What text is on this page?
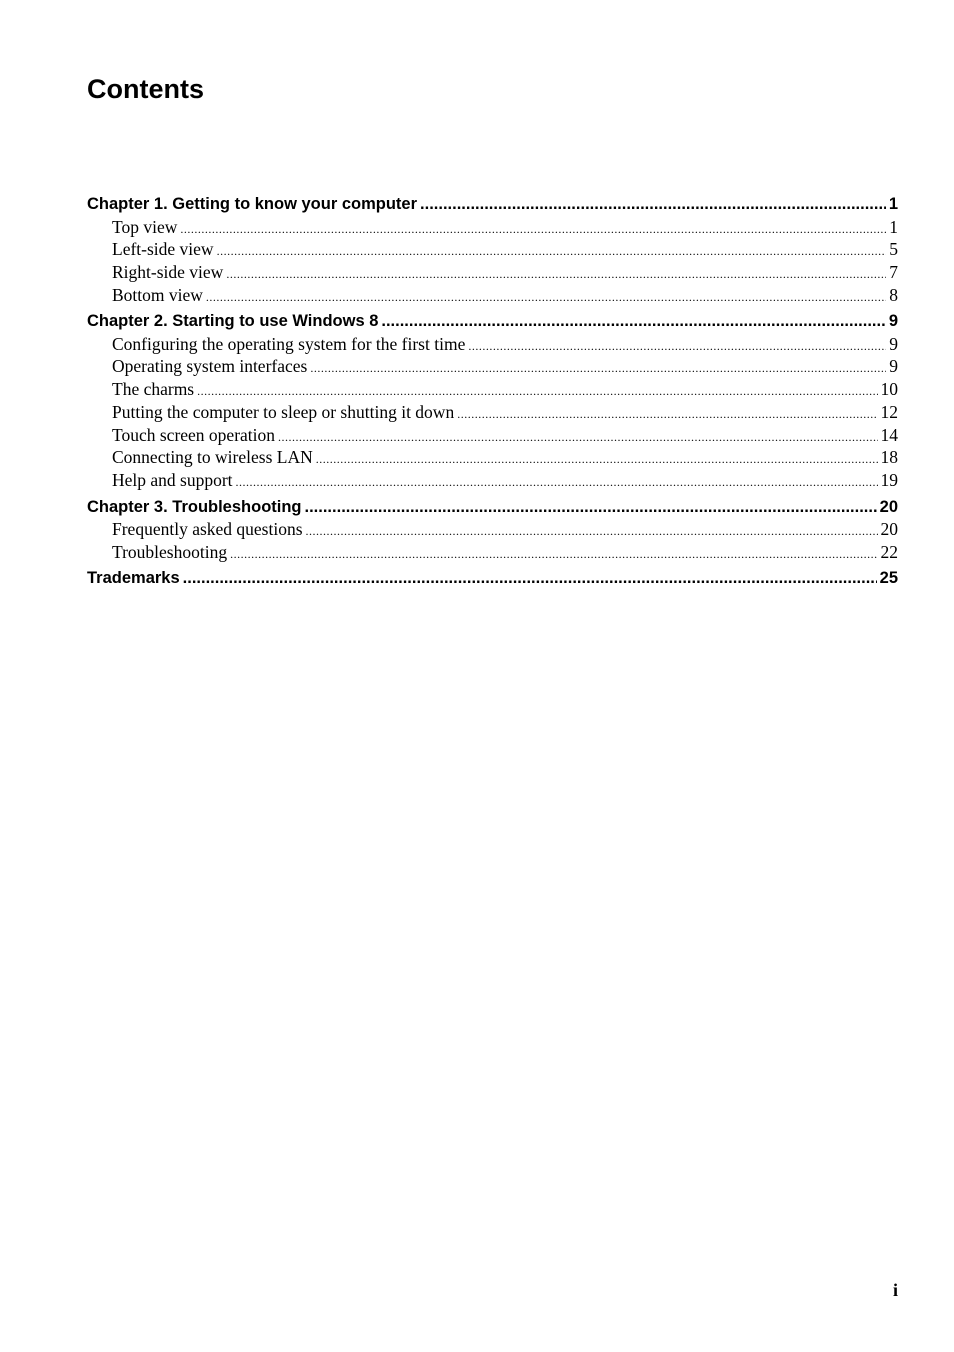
Contents
Chapter 1. Getting to know your computer .....	1
Top view .....	1
Left-side view .....	5
Right-side view .....	7
Bottom view .....	8
Chapter 2. Starting to use Windows 8 .....	9
Configuring the operating system for the first time .....	9
Operating system interfaces .....	9
The charms .....	10
Putting the computer to sleep or shutting it down .....	12
Touch screen operation .....	14
Connecting to wireless LAN .....	18
Help and support .....	19
Chapter 3. Troubleshooting .....	20
Frequently asked questions .....	20
Troubleshooting .....	22
Trademarks .....	25
i
